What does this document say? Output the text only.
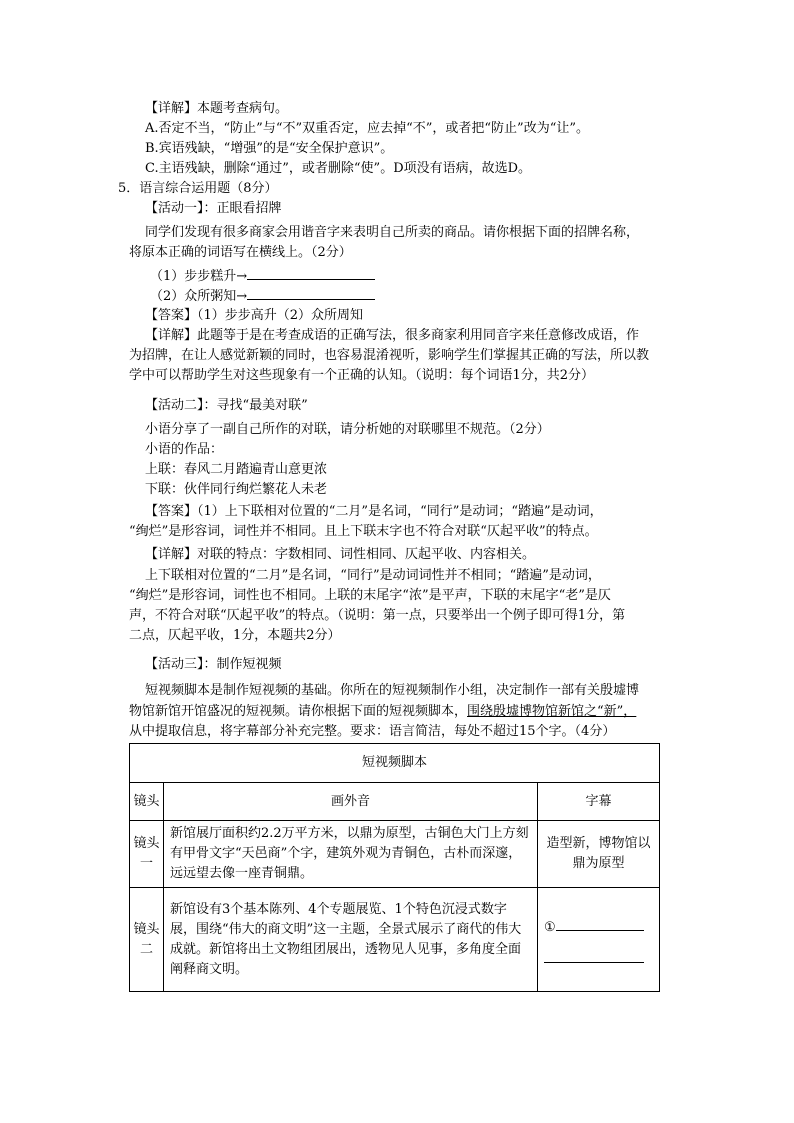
【详解】本题考查病句。
A.否定不当，“防止”与“不”双重否定，应去掉“不”，或者把“防止”改为“让”。
B.宾语残缺，“增强”的是“安全保护意识”。
C.主语残缺，删除“通过”，或者删除“使”。D项没有语病，故选D。
5．语言综合运用题（8分）
【活动一】：正眼看招牌
同学们发现有很多商家会用谐音字来表明自己所卖的商品。请你根据下面的招牌名称，
将原本正确的词语写在横线上。（2分）
（1）步步糕升→
（2）众所粥知→
【答案】（1）步步高升（2）众所周知
【详解】此题等于是在考查成语的正确写法，很多商家利用同音字来任意修改成语，作
为招牌，在让人感觉新颖的同时，也容易混淆视听，影响学生们掌握其正确的写法，所以教
学中可以帮助学生对这些现象有一个正确的认知。（说明：每个词语1分，共2分）
【活动二】：寻找“最美对联”
小语分享了一副自己所作的对联，请分析她的对联哪里不规范。（2分）
小语的作品：
上联：春风二月踏遍青山意更浓
下联：伙伴同行绚烂繁花人未老
【答案】（1）上下联相对位置的“二月”是名词，“同行”是动词；“踏遍”是动词，
“绚烂”是形容词，词性并不相同。且上下联末字也不符合对联“仄起平收”的特点。
【详解】对联的特点：字数相同、词性相同、仄起平收、内容相关。
上下联相对位置的“二月”是名词，“同行”是动词词性并不相同；“踏遍”是动词，
“绚烂”是形容词，词性也不相同。上联的末尾字“浓”是平声，下联的末尾字“老”是仄
声，不符合对联“仄起平收”的特点。（说明：第一点，只要举出一个例子即可得1分，第
二点，仄起平收，1分，本题共2分）
【活动三】：制作短视频
短视频脚本是制作短视频的基础。你所在的短视频制作小组，决定制作一部有关殷墟博
物馆新馆开馆盛况的短视频。请你根据下面的短视频脚本，围绕殷墟博物馆新馆之“新”，
从中提取信息，将字幕部分补充完整。要求：语言简洁，每处不超过15个字。（4分）
短视频脚本		
镜头	画外音	字幕
镜头一	新馆展厅面积约2.2万平方米，以鼎为原型，古铜色大门上方刻有甲骨文字“天邑商”个字，建筑外观为青铜色，古朴而深邃，远远望去像一座青铜鼎。	造型新，博物馆以鼎为原型
镜头二	新馆设有3个基本陈列、4个专题展览、1个特色沉浸式数字展，围绕“伟大的商文明”这一主题，全景式展示了商代的伟大成就。新馆将出土文物组团展出，透物见人见事，多角度全面阐释商文明。	①
